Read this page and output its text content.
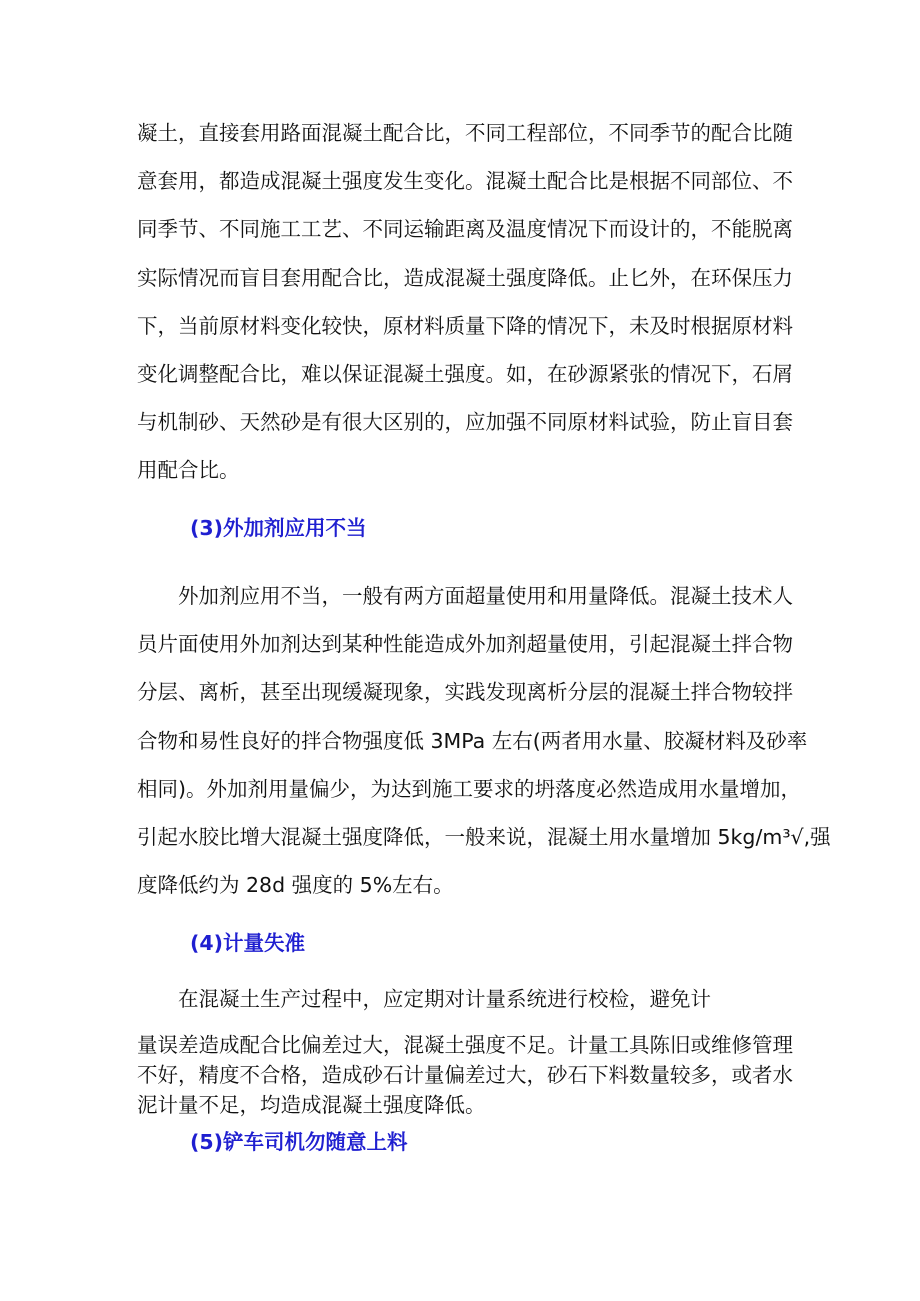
凝土，直接套用路面混凝土配合比，不同工程部位，不同季节的配合比随
意套用，都造成混凝土强度发生变化。混凝土配合比是根据不同部位、不
同季节、不同施工工艺、不同运输距离及温度情况下而设计的，不能脱离
实际情况而盲目套用配合比，造成混凝土强度降低。止匕外，在环保压力
下，当前原材料变化较快，原材料质量下降的情况下，未及时根据原材料
变化调整配合比，难以保证混凝土强度。如，在砂源紧张的情况下，石屑
与机制砂、天然砂是有很大区别的，应加强不同原材料试验，防止盲目套
用配合比。
(3)外加剂应用不当
　　外加剂应用不当，一般有两方面超量使用和用量降低。混凝土技术人
员片面使用外加剂达到某种性能造成外加剂超量使用，引起混凝土拌合物
分层、离析，甚至出现缓凝现象，实践发现离析分层的混凝土拌合物较拌
合物和易性良好的拌合物强度低 3MPa 左右(两者用水量、胶凝材料及砂率
相同)。外加剂用量偏少，为达到施工要求的坍落度必然造成用水量增加，
引起水胶比增大混凝土强度降低，一般来说，混凝土用水量增加 5kg∕m³√,强
度降低约为 28d 强度的 5%左右。
(4)计量失准
　　在混凝土生产过程中，应定期对计量系统进行校检，避免计
量误差造成配合比偏差过大，混凝土强度不足。计量工具陈旧或维修管理
不好，精度不合格，造成砂石计量偏差过大，砂石下料数量较多，或者水
泥计量不足，均造成混凝土强度降低。
(5)铲车司机勿随意上料
